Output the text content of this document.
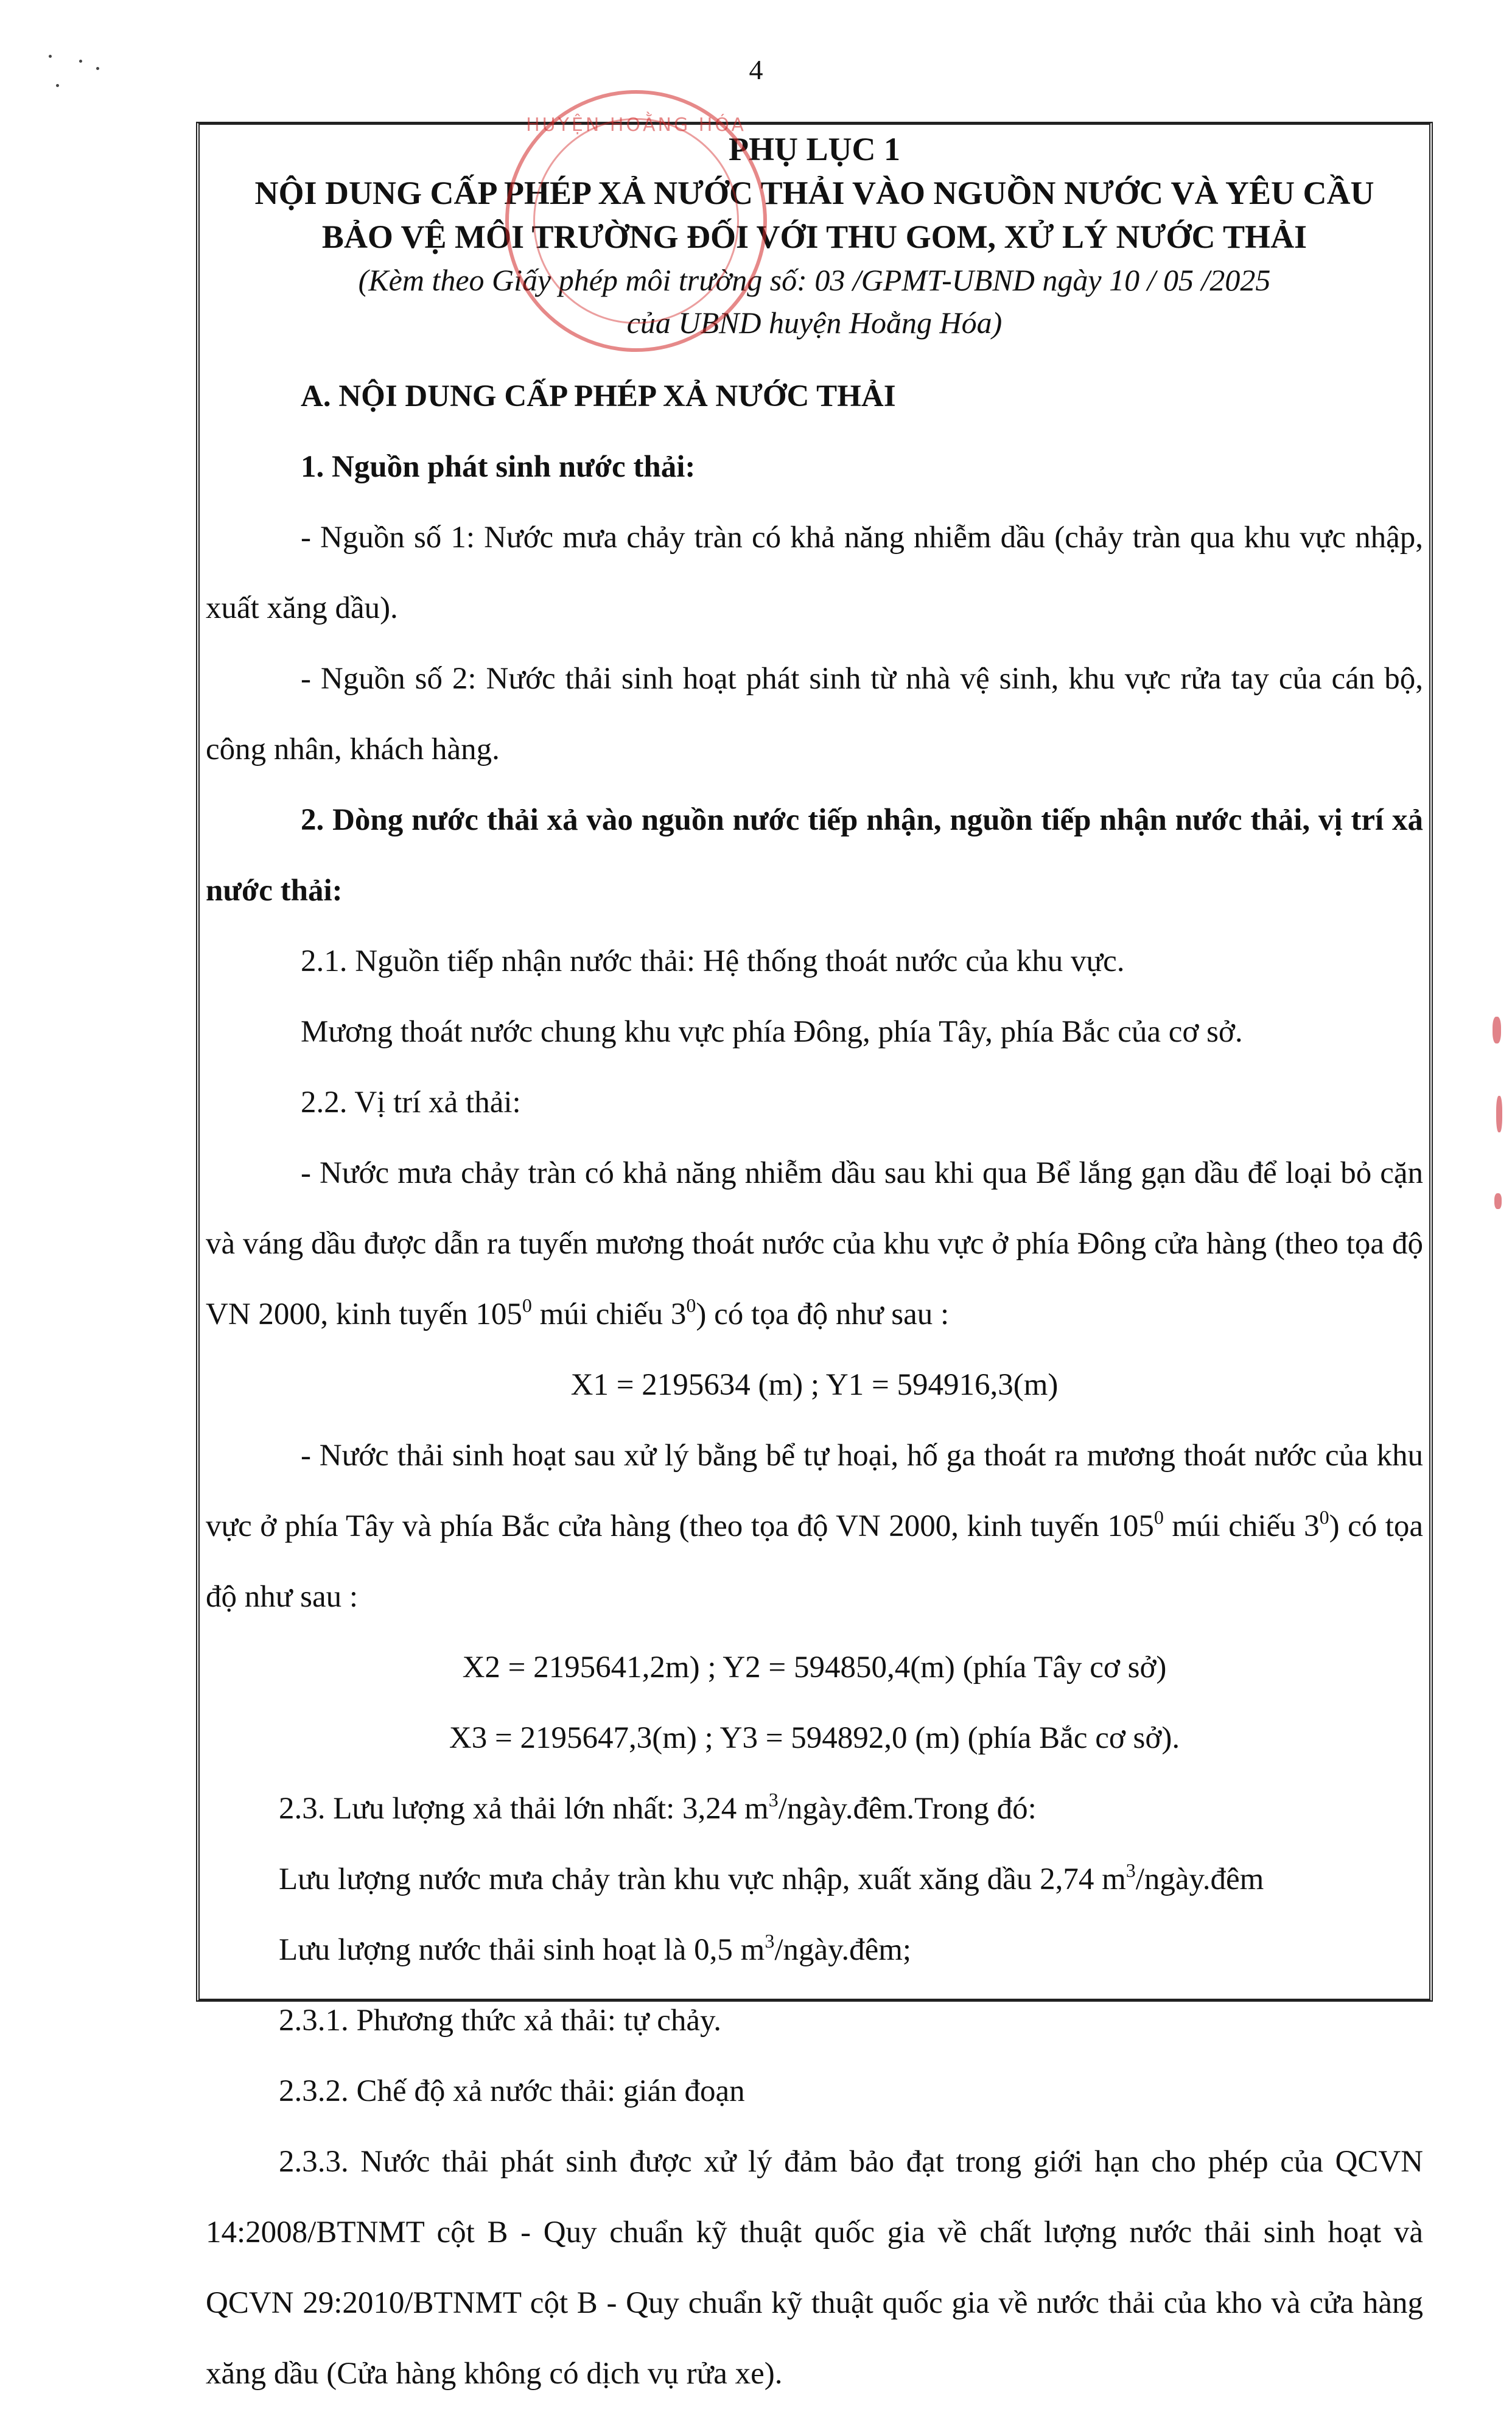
4
PHỤ LỤC 1
NỘI DUNG CẤP PHÉP XẢ NƯỚC THẢI VÀO NGUỒN NƯỚC VÀ YÊU CẦU
BẢO VỆ MÔI TRƯỜNG ĐỐI VỚI THU GOM, XỬ LÝ NƯỚC THẢI
(Kèm theo Giấy phép môi trường số: 03 /GPMT-UBND ngày 10 / 05 /2025
của UBND huyện Hoằng Hóa)

A. NỘI DUNG CẤP PHÉP XẢ NƯỚC THẢI

1. Nguồn phát sinh nước thải:

- Nguồn số 1: Nước mưa chảy tràn có khả năng nhiễm dầu (chảy tràn qua khu vực nhập, xuất xăng dầu).

- Nguồn số 2: Nước thải sinh hoạt phát sinh từ nhà vệ sinh, khu vực rửa tay của cán bộ, công nhân, khách hàng.

2. Dòng nước thải xả vào nguồn nước tiếp nhận, nguồn tiếp nhận nước thải, vị trí xả nước thải:

2.1. Nguồn tiếp nhận nước thải: Hệ thống thoát nước của khu vực.

Mương thoát nước chung khu vực phía Đông, phía Tây, phía Bắc của cơ sở.

2.2. Vị trí xả thải:

- Nước mưa chảy tràn có khả năng nhiễm dầu sau khi qua Bể lắng gạn dầu để loại bỏ cặn và váng dầu được dẫn ra tuyến mương thoát nước của khu vực ở phía Đông cửa hàng (theo tọa độ VN 2000, kinh tuyến $105^0$ múi chiếu $3^0$) có tọa độ như sau :

X1 = 2195634 (m) ; Y1 = 594916,3(m)

- Nước thải sinh hoạt sau xử lý bằng bể tự hoại, hố ga thoát ra mương thoát nước của khu vực ở phía Tây và phía Bắc cửa hàng (theo tọa độ VN 2000, kinh tuyến $105^0$ múi chiếu $3^0$) có tọa độ như sau :

X2 = 2195641,2m) ; Y2 = 594850,4(m) (phía Tây cơ sở)

X3 = 2195647,3(m) ; Y3 = 594892,0 (m) (phía Bắc cơ sở).

2.3. Lưu lượng xả thải lớn nhất: 3,24 $m^3/ngày.đêm.Trong$ đó:

Lưu lượng nước mưa chảy tràn khu vực nhập, xuất xăng dầu 2,74 $m^3/ngày.đêm$

Lưu lượng nước thải sinh hoạt là 0,5 $m^3/ngày.đêm$;

2.3.1. Phương thức xả thải: tự chảy.

2.3.2. Chế độ xả nước thải: gián đoạn

2.3.3. Nước thải phát sinh được xử lý đảm bảo đạt trong giới hạn cho phép của QCVN 14:2008/BTNMT cột B - Quy chuẩn kỹ thuật quốc gia về chất lượng nước thải sinh hoạt và QCVN 29:2010/BTNMT cột B - Quy chuẩn kỹ thuật quốc gia về nước thải của kho và cửa hàng xăng dầu (Cửa hàng không có dịch vụ rửa xe).

HUYỆN HOẰNG HÓA
